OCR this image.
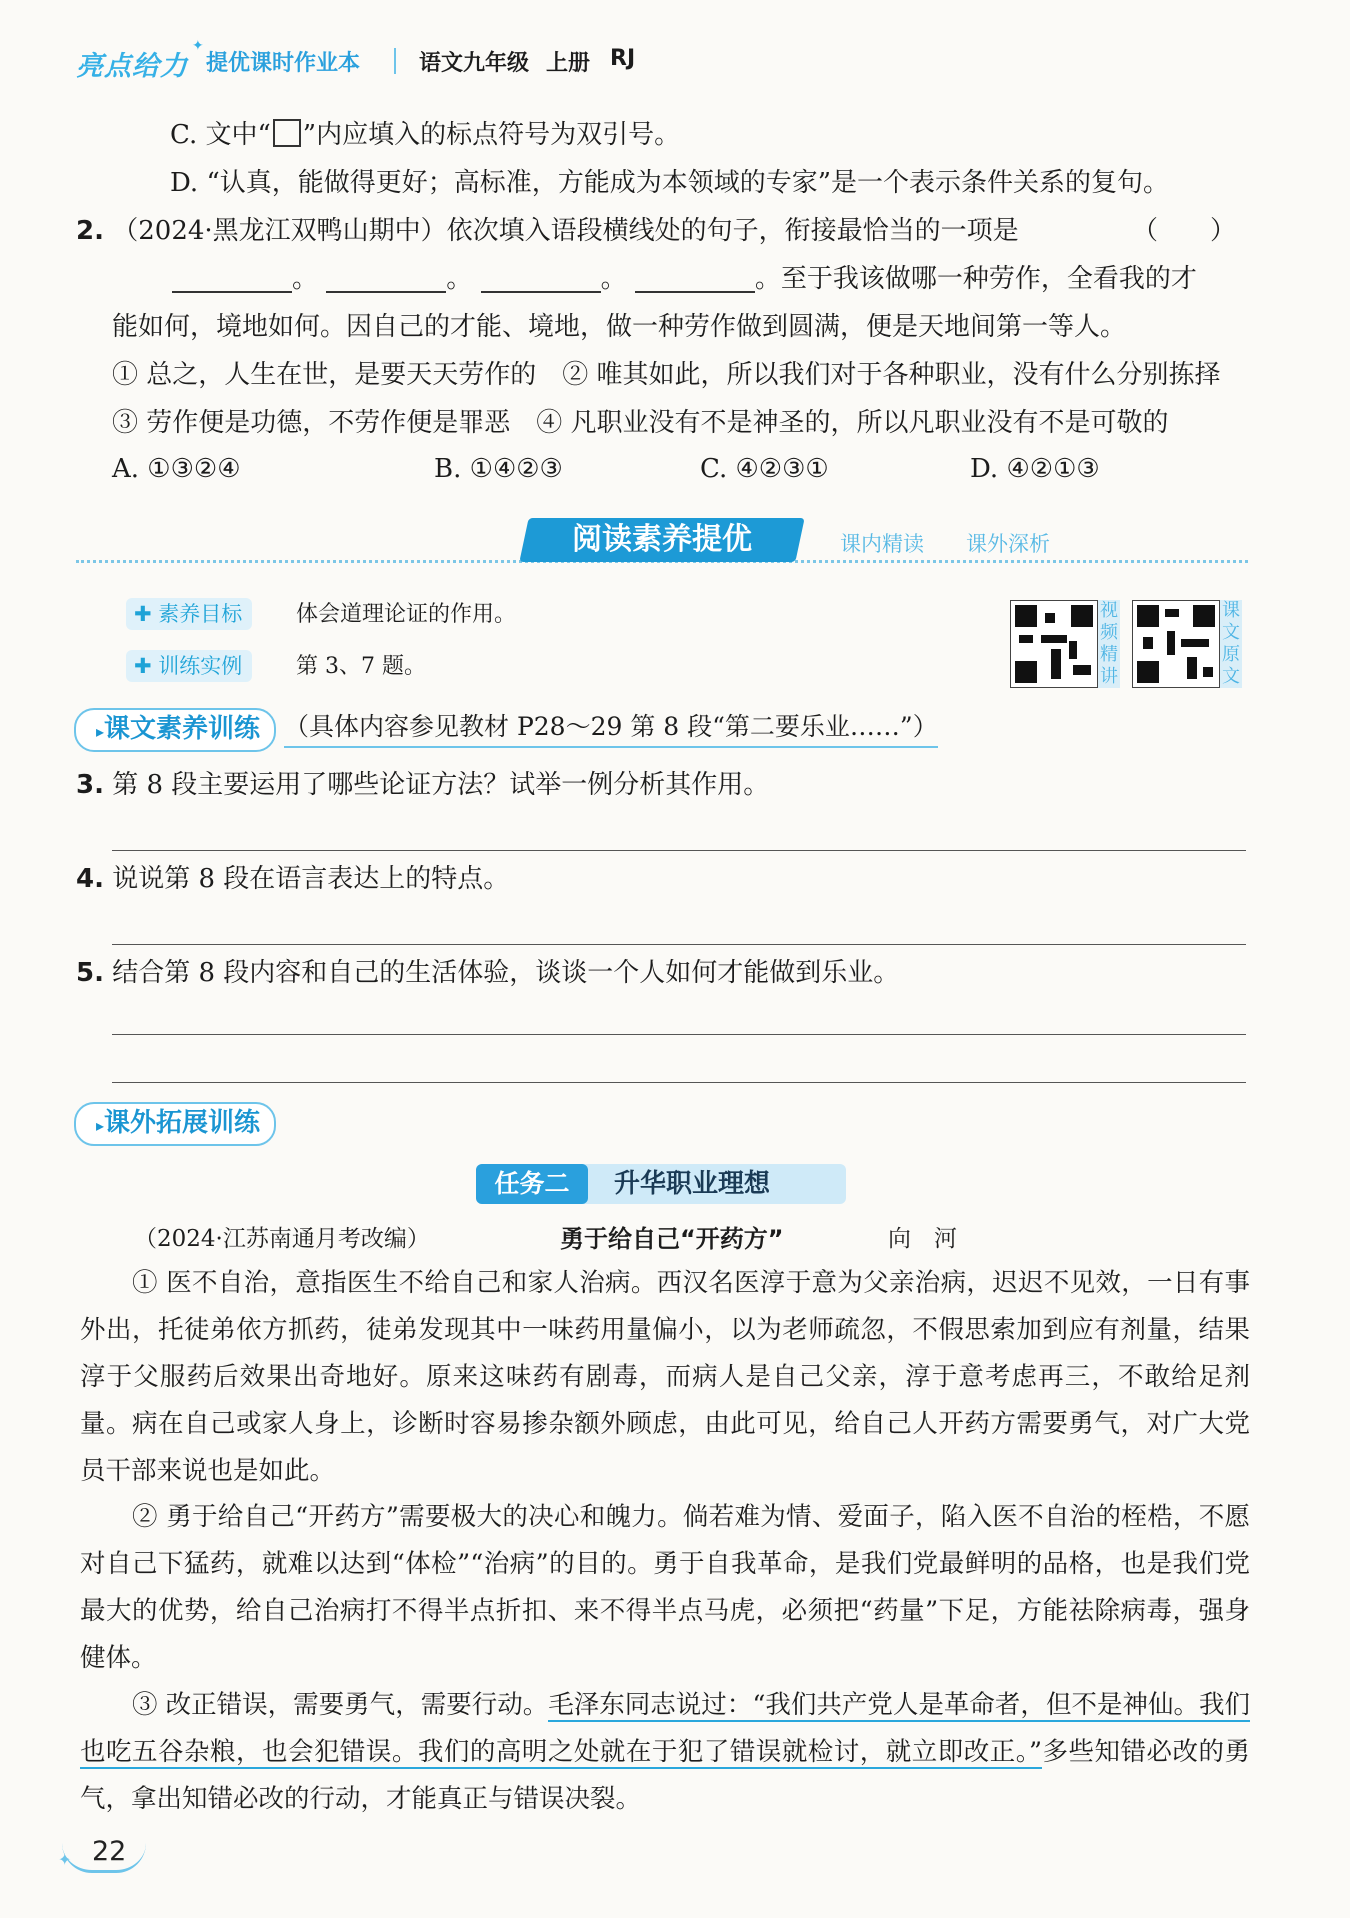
亮点给力
✦
提优课时作业本	语文九年级 上册 RJ
C. 文中“ ”内应填入的标点符号为双引号。
D. “认真，能做得更好；高标准，方能成为本领域的专家”是一个表示条件关系的复句。
2. （2024·黑龙江双鸭山期中）依次填入语段横线处的句子，衔接最恰当的一项是	（　　）
。	。	。	。至于我该做哪一种劳作，全看我的才
能如何，境地如何。因自己的才能、境地，做一种劳作做到圆满，便是天地间第一等人。
① 总之，人生在世，是要天天劳作的　② 唯其如此，所以我们对于各种职业，没有什么分别拣择
③ 劳作便是功德，不劳作便是罪恶　④ 凡职业没有不是神圣的，所以凡职业没有不是可敬的
A. ①③②④	B. ①④②③	C. ④②③①	D. ④②①③
阅读素养提优	课内精读 课外深析
✚ 素养目标	体会道理论证的作用。
✚ 训练实例	第 3、7 题。
视
频
精
讲
课
文
原
文
▸课文素养训练 （具体内容参见教材 P28～29 第 8 段“第二要乐业……”）
3. 第 8 段主要运用了哪些论证方法？试举一例分析其作用。
4. 说说第 8 段在语言表达上的特点。
5. 结合第 8 段内容和自己的生活体验，谈谈一个人如何才能做到乐业。
▸课外拓展训练
任务二	升华职业理想
（2024·江苏南通月考改编）	勇于给自己“开药方”	向　河
① 医不自治，意指医生不给自己和家人治病。西汉名医淳于意为父亲治病，迟迟不见效，一日有事外出，托徒弟依方抓药，徒弟发现其中一味药用量偏小，以为老师疏忽，不假思索加到应有剂量，结果淳于父服药后效果出奇地好。原来这味药有剧毒，而病人是自己父亲，淳于意考虑再三，不敢给足剂量。病在自己或家人身上，诊断时容易掺杂额外顾虑，由此可见，给自己人开药方需要勇气，对广大党员干部来说也是如此。
② 勇于给自己“开药方”需要极大的决心和魄力。倘若难为情、爱面子，陷入医不自治的桎梏，不愿对自己下猛药，就难以达到“体检”“治病”的目的。勇于自我革命，是我们党最鲜明的品格，也是我们党最大的优势，给自己治病打不得半点折扣、来不得半点马虎，必须把“药量”下足，方能祛除病毒，强身健体。
③ 改正错误，需要勇气，需要行动。毛泽东同志说过：“我们共产党人是革命者，但不是神仙。我们也吃五谷杂粮，也会犯错误。我们的高明之处就在于犯了错误就检讨，就立即改正。”多些知错必改的勇气，拿出知错必改的行动，才能真正与错误决裂。
✦ 22
